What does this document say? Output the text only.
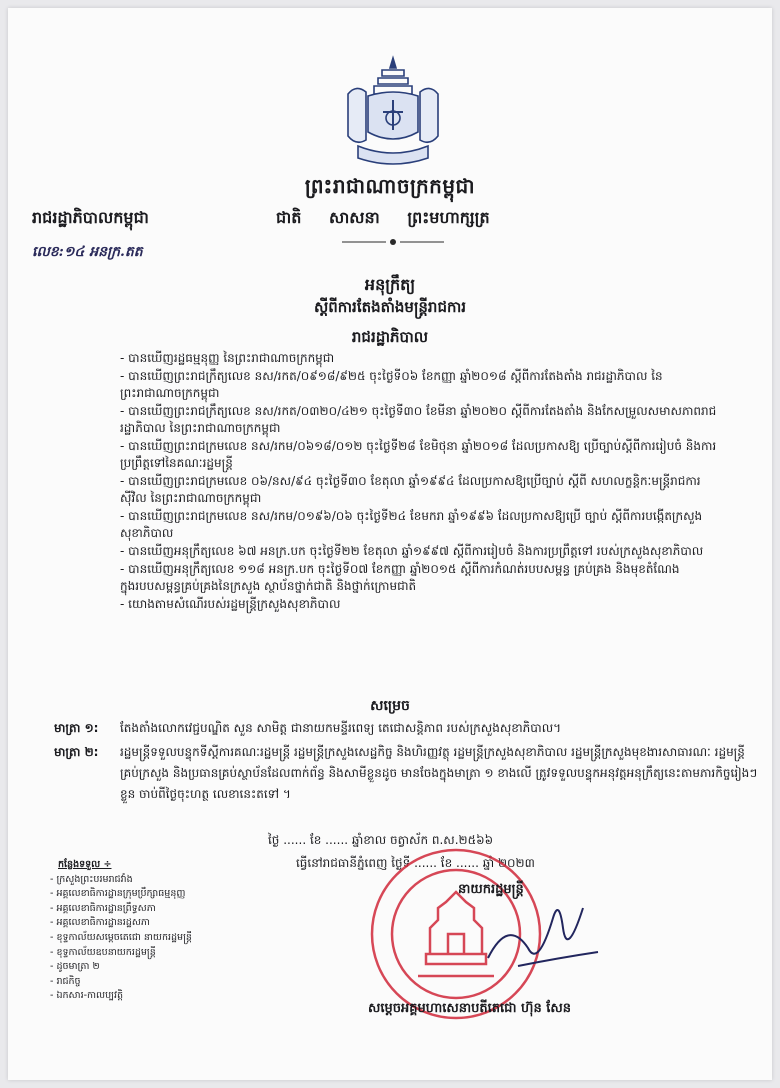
ព្រះរាជាណាចក្រកម្ពុជា
រាជរដ្ឋាភិបាលកម្ពុជា	ជាតិ សាសនា ព្រះមហាក្សត្រ
លេខ:១៤ អនក្រ.តត
អនុក្រឹត្យ
ស្ដីពីការតែងតាំងមន្ត្រីរាជការ
រាជរដ្ឋាភិបាល
- បានឃើញរដ្ឋធម្មនុញ្ញ នៃព្រះរាជាណាចក្រកម្ពុជា
- បានឃើញព្រះរាជក្រឹត្យលេខ នស/រកត/០៩១៨/៩២៥ ចុះថ្ងៃទី០៦ ខែកញ្ញា ឆ្នាំ២០១៨ ស្ដីពីការតែងតាំង រាជរដ្ឋាភិបាល នៃព្រះរាជាណាចក្រកម្ពុជា
- បានឃើញព្រះរាជក្រឹត្យលេខ នស/រកត/០៣២០/៤២១ ចុះថ្ងៃទី៣០ ខែមីនា ឆ្នាំ២០២០ ស្ដីពីការតែងតាំង និងកែសម្រួលសមាសភាពរាជរដ្ឋាភិបាល នៃព្រះរាជាណាចក្រកម្ពុជា
- បានឃើញព្រះរាជក្រមលេខ នស/រកម/០៦១៨/០១២ ចុះថ្ងៃទី២៨ ខែមិថុនា ឆ្នាំ២០១៨ ដែលប្រកាសឱ្យ ប្រើច្បាប់ស្ដីពីការរៀបចំ និងការប្រព្រឹត្តទៅនៃគណៈរដ្ឋមន្ត្រី
- បានឃើញព្រះរាជក្រមលេខ ០៦/នស/៩៤ ចុះថ្ងៃទី៣០ ខែតុលា ឆ្នាំ១៩៩៤ ដែលប្រកាសឱ្យប្រើច្បាប់ ស្ដីពី សហលក្ខន្តិកៈមន្ត្រីរាជការស៊ីវិល នៃព្រះរាជាណាចក្រកម្ពុជា
- បានឃើញព្រះរាជក្រមលេខ នស/រកម/០១៩៦/០៦ ចុះថ្ងៃទី២៤ ខែមករា ឆ្នាំ១៩៩៦ ដែលប្រកាសឱ្យប្រើ ច្បាប់ ស្ដីពីការបង្កើតក្រសួងសុខាភិបាល
- បានឃើញអនុក្រឹត្យលេខ ៦៧ អនក្រ.បក ចុះថ្ងៃទី២២ ខែតុលា ឆ្នាំ១៩៩៧ ស្ដីពីការរៀបចំ និងការប្រព្រឹត្តទៅ របស់ក្រសួងសុខាភិបាល
- បានឃើញអនុក្រឹត្យលេខ ១១៨ អនក្រ.បក ចុះថ្ងៃទី០៧ ខែកញ្ញា ឆ្នាំ២០១៥ ស្ដីពីការកំណត់របបសម្ពន្ធ គ្រប់គ្រង និងមុខតំណែងក្នុងរបបសម្ពន្ធគ្រប់គ្រងនៃក្រសួង ស្ថាប័នថ្នាក់ជាតិ និងថ្នាក់ក្រោមជាតិ
- យោងតាមសំណើរបស់រដ្ឋមន្ត្រីក្រសួងសុខាភិបាល
សម្រេច
មាត្រា ១:	តែងតាំងលោកវេជ្ជបណ្ឌិត សួន សាមិត្ត ជានាយកមន្ទីរពេទ្យ តេជោសន្តិភាព របស់ក្រសួងសុខាភិបាល។
មាត្រា ២:	រដ្ឋមន្ត្រីទទួលបន្ទុកទីស្ដីការគណៈរដ្ឋមន្ត្រី រដ្ឋមន្ត្រីក្រសួងសេដ្ឋកិច្ច និងហិរញ្ញវត្ថុ រដ្ឋមន្ត្រីក្រសួងសុខាភិបាល រដ្ឋមន្ត្រីក្រសួងមុខងារសាធារណៈ រដ្ឋមន្ត្រីគ្រប់ក្រសួង និងប្រធានគ្រប់ស្ថាប័នដែលពាក់ព័ន្ធ និងសាមីខ្លួនដូច មានចែងក្នុងមាត្រា ១ ខាងលើ ត្រូវទទួលបន្ទុកអនុវត្តអនុក្រឹត្យនេះតាមភារកិច្ចរៀងៗខ្លួន ចាប់ពីថ្ងៃចុះហត្ថ លេខានេះតទៅ ។
ថ្ងៃ ...... ខែ ...... ឆ្នាំខាល ចត្វាស័ក ព.ស.២៥៦៦
ធ្វើនៅរាជធានីភ្នំពេញ ថ្ងៃទី ...... ខែ ...... ឆ្នាំ ២០២៣
នាយករដ្ឋមន្ត្រី
សម្ដេចអគ្គមហាសេនាបតីតេជោ ហ៊ុន សែន
កន្លែងទទួល ÷
- ក្រសួងព្រះបរមរាជវាំង
- អគ្គលេខាធិការដ្ឋានក្រុមប្រឹក្សាធម្មនុញ្ញ
- អគ្គលេខាធិការដ្ឋានព្រឹទ្ធសភា
- អគ្គលេខាធិការដ្ឋានរដ្ឋសភា
- ខុទ្ទកាល័យសម្ដេចតេជោ នាយករដ្ឋមន្ត្រី
- ខុទ្ទកាល័យឧបនាយករដ្ឋមន្ត្រី
- ដូចមាត្រា ២
- រាជកិច្ច
- ឯកសារ-កាលប្បវត្តិ
